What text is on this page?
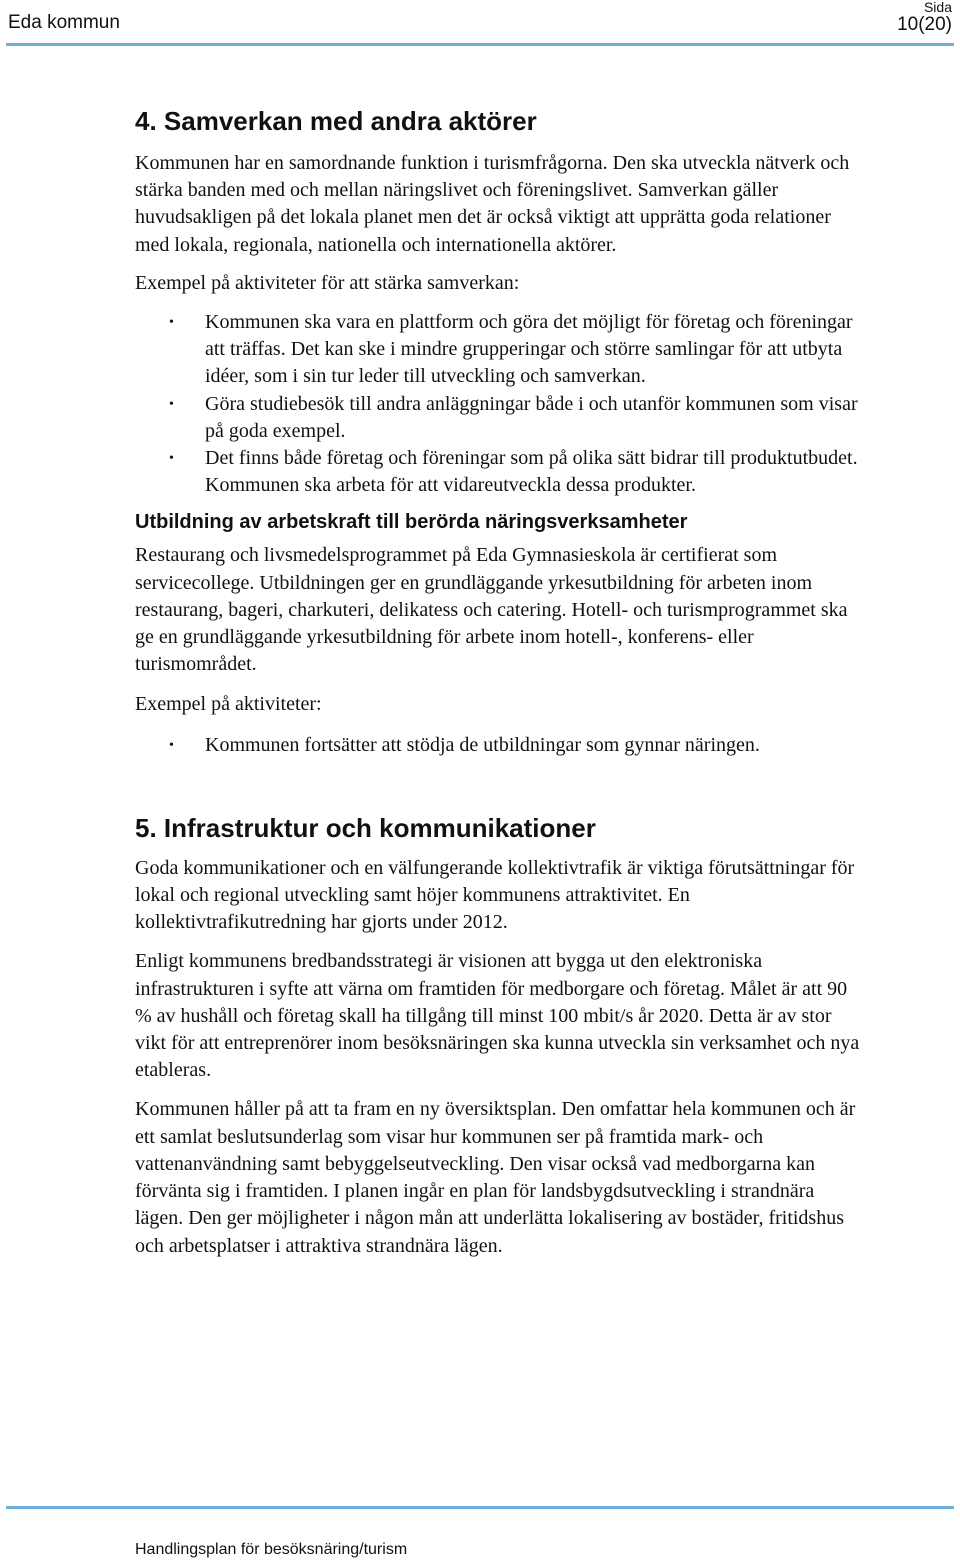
Eda kommun
Sida
10(20)
4. Samverkan med andra aktörer

Kommunen har en samordnande funktion i turismfrågorna. Den ska utveckla nätverk och stärka banden med och mellan näringslivet och föreningslivet. Samverkan gäller huvudsakligen på det lokala planet men det är också viktigt att upprätta goda relationer med lokala, regionala, nationella och internationella aktörer.

Exempel på aktiviteter för att stärka samverkan:

• Kommunen ska vara en plattform och göra det möjligt för företag och föreningar att träffas. Det kan ske i mindre grupperingar och större samlingar för att utbyta idéer, som i sin tur leder till utveckling och samverkan.
• Göra studiebesök till andra anläggningar både i och utanför kommunen som visar på goda exempel.
• Det finns både företag och föreningar som på olika sätt bidrar till produktutbudet. Kommunen ska arbeta för att vidareutveckla dessa produkter.
Utbildning av arbetskraft till berörda näringsverksamheter

Restaurang och livsmedelsprogrammet på Eda Gymnasieskola är certifierat som servicecollege. Utbildningen ger en grundläggande yrkesutbildning för arbeten inom restaurang, bageri, charkuteri, delikatess och catering. Hotell- och turismprogrammet ska ge en grundläggande yrkesutbildning för arbete inom hotell-, konferens- eller turismområdet.

Exempel på aktiviteter:

• Kommunen fortsätter att stödja de utbildningar som gynnar näringen.
5. Infrastruktur och kommunikationer

Goda kommunikationer och en välfungerande kollektivtrafik är viktiga förutsättningar för lokal och regional utveckling samt höjer kommunens attraktivitet. En kollektivtrafikutredning har gjorts under 2012.

Enligt kommunens bredbandsstrategi är visionen att bygga ut den elektroniska infrastrukturen i syfte att värna om framtiden för medborgare och företag. Målet är att 90 % av hushåll och företag skall ha tillgång till minst 100 mbit/s år 2020. Detta är av stor vikt för att entreprenörer inom besöksnäringen ska kunna utveckla sin verksamhet och nya etableras.

Kommunen håller på att ta fram en ny översiktsplan. Den omfattar hela kommunen och är ett samlat beslutsunderlag som visar hur kommunen ser på framtida mark- och vattenanvändning samt bebyggelseutveckling. Den visar också vad medborgarna kan förvänta sig i framtiden. I planen ingår en plan för landsbygdsutveckling i strandnära lägen. Den ger möjligheter i någon mån att underlätta lokalisering av bostäder, fritidshus och arbetsplatser i attraktiva strandnära lägen.

Handlingsplan för besöksnäring/turism
